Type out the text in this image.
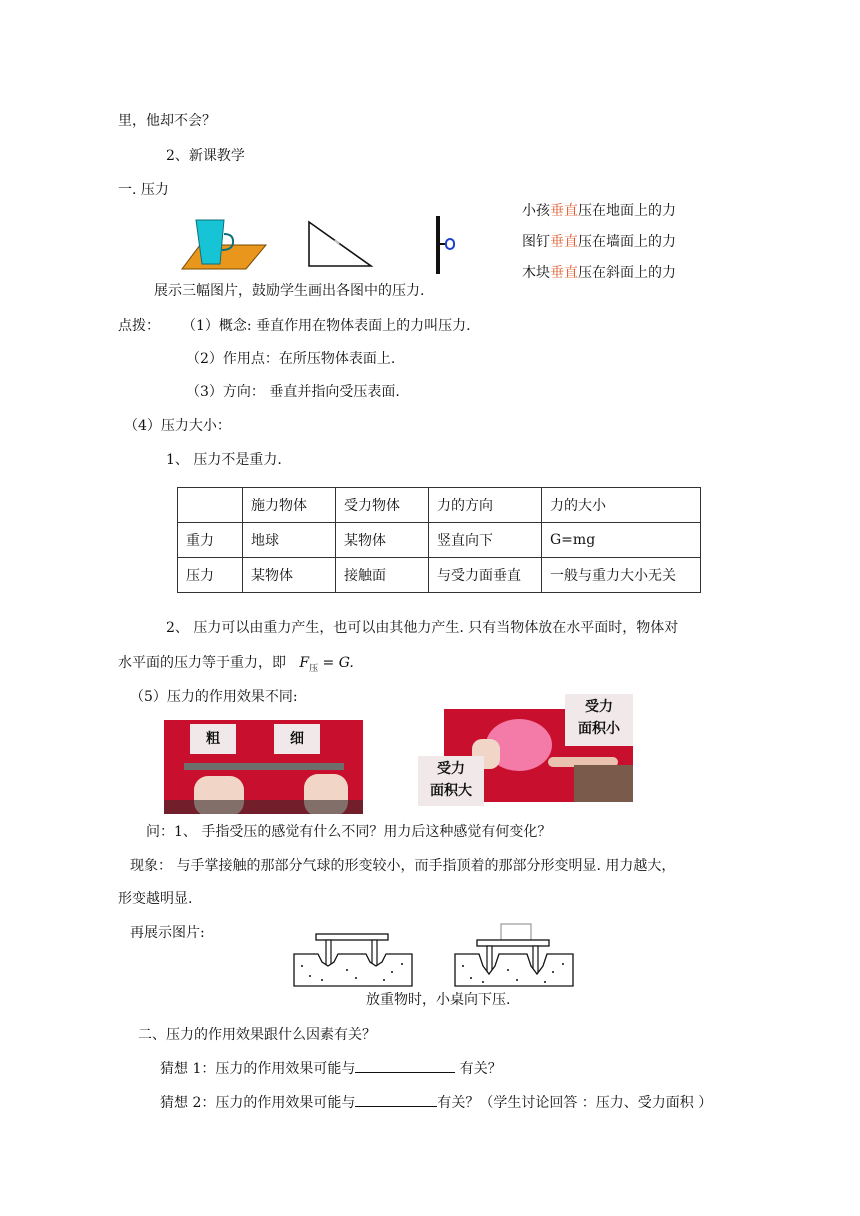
里，他却不会？
2、新课教学
一. 压力
小孩垂直压在地面上的力
图钉垂直压在墙面上的力
木块垂直压在斜面上的力
展示三幅图片，鼓励学生画出各图中的压力.
点拨： （1）概念: 垂直作用在物体表面上的力叫压力.
（2）作用点：在所压物体表面上.
（3）方向： 垂直并指向受压表面.
（4）压力大小：
1、 压力不是重力.
	施力物体	受力物体	力的方向	力的大小
重力	地球	某物体	竖直向下	G=mg
压力	某物体	接触面	与受力面垂直	一般与重力大小无关
2、 压力可以由重力产生，也可以由其他力产生. 只有当物体放在水平面时，物体对
水平面的压力等于重力，即 $F_压 = G$.
（5）压力的作用效果不同:
粗	细
受力
面积小
受力
面积大
问：1、 手指受压的感觉有什么不同？用力后这种感觉有何变化？
现象： 与手掌接触的那部分气球的形变较小，而手指顶着的那部分形变明显. 用力越大，
形变越明显.
再展示图片:
放重物时，小桌向下压.
二、压力的作用效果跟什么因素有关？
猜想 1：压力的作用效果可能与	有关？
猜想 2：压力的作用效果可能与	有关？（学生讨论回答 ：压力、受力面积 ）
